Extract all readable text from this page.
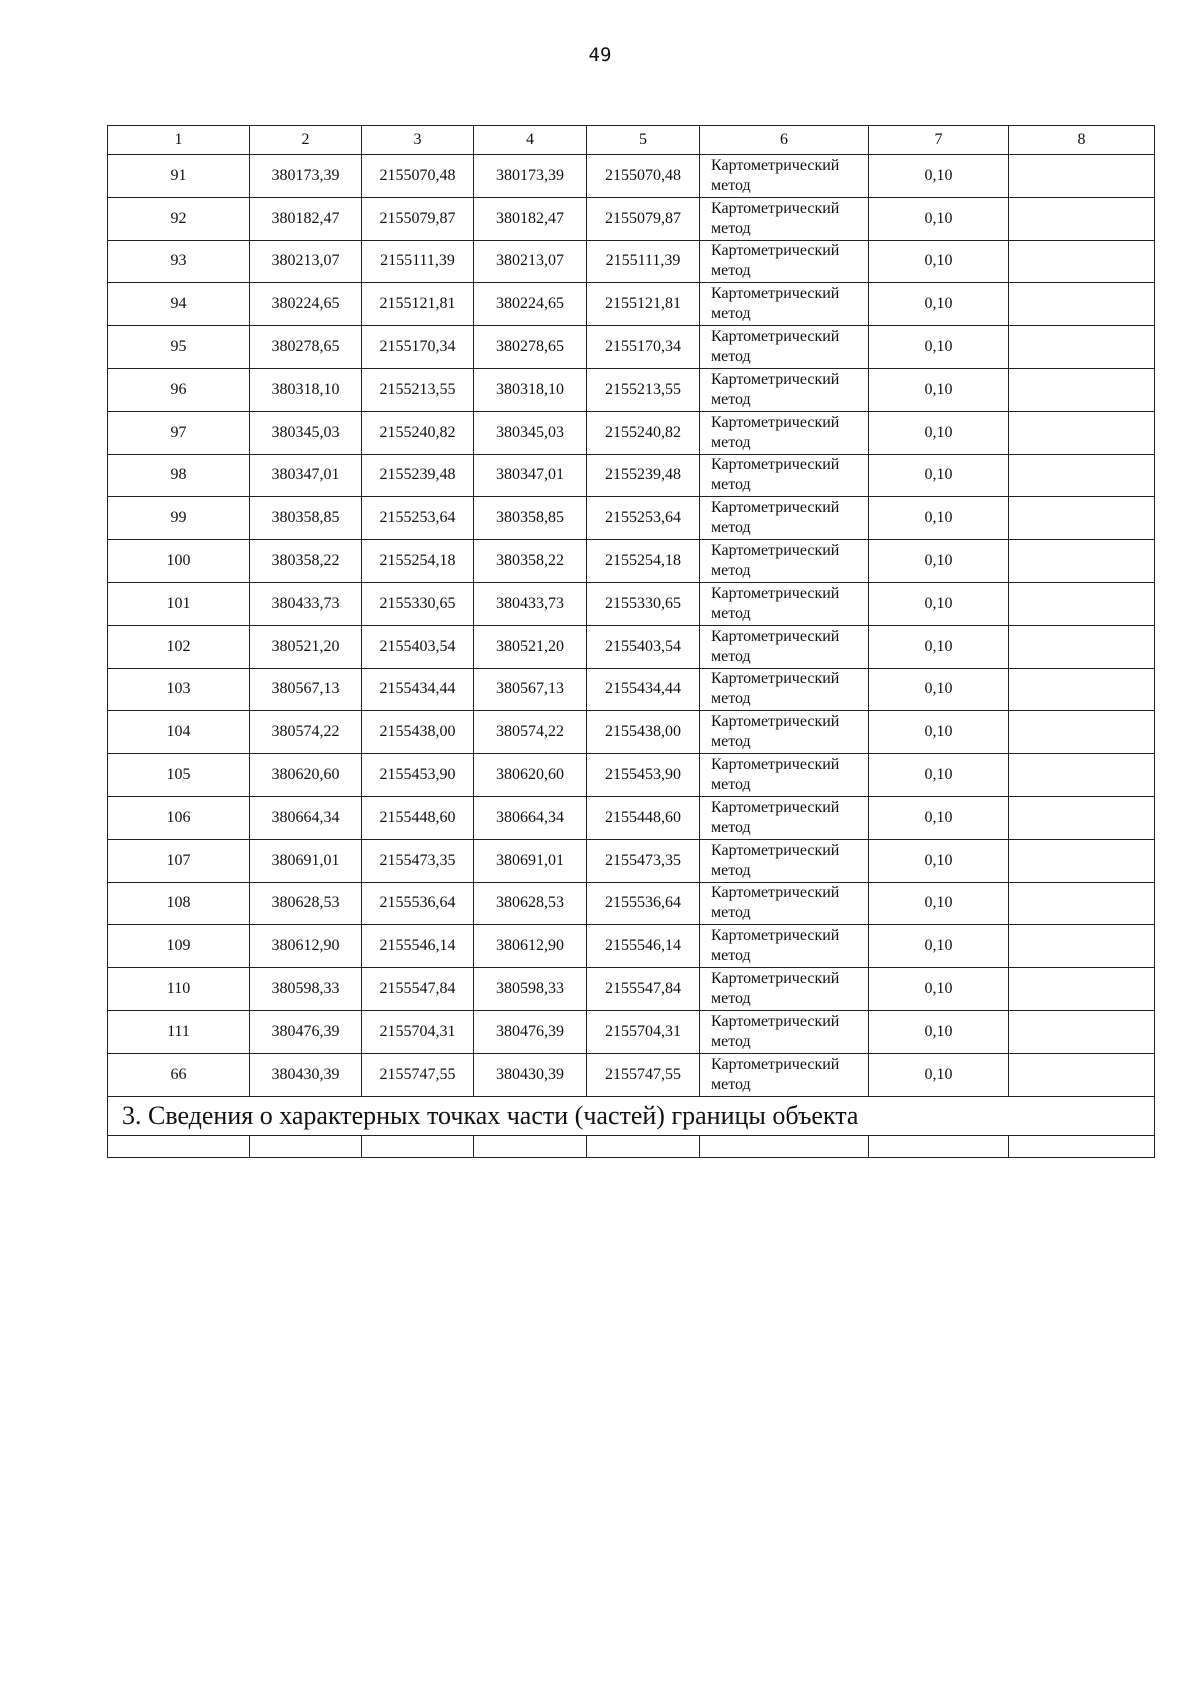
49
1	2	3	4	5	6	7	8
91	380173,39	2155070,48	380173,39	2155070,48	Картометрический метод	0,10	
92	380182,47	2155079,87	380182,47	2155079,87	Картометрический метод	0,10	
93	380213,07	2155111,39	380213,07	2155111,39	Картометрический метод	0,10	
94	380224,65	2155121,81	380224,65	2155121,81	Картометрический метод	0,10	
95	380278,65	2155170,34	380278,65	2155170,34	Картометрический метод	0,10	
96	380318,10	2155213,55	380318,10	2155213,55	Картометрический метод	0,10	
97	380345,03	2155240,82	380345,03	2155240,82	Картометрический метод	0,10	
98	380347,01	2155239,48	380347,01	2155239,48	Картометрический метод	0,10	
99	380358,85	2155253,64	380358,85	2155253,64	Картометрический метод	0,10	
100	380358,22	2155254,18	380358,22	2155254,18	Картометрический метод	0,10	
101	380433,73	2155330,65	380433,73	2155330,65	Картометрический метод	0,10	
102	380521,20	2155403,54	380521,20	2155403,54	Картометрический метод	0,10	
103	380567,13	2155434,44	380567,13	2155434,44	Картометрический метод	0,10	
104	380574,22	2155438,00	380574,22	2155438,00	Картометрический метод	0,10	
105	380620,60	2155453,90	380620,60	2155453,90	Картометрический метод	0,10	
106	380664,34	2155448,60	380664,34	2155448,60	Картометрический метод	0,10	
107	380691,01	2155473,35	380691,01	2155473,35	Картометрический метод	0,10	
108	380628,53	2155536,64	380628,53	2155536,64	Картометрический метод	0,10	
109	380612,90	2155546,14	380612,90	2155546,14	Картометрический метод	0,10	
110	380598,33	2155547,84	380598,33	2155547,84	Картометрический метод	0,10	
111	380476,39	2155704,31	380476,39	2155704,31	Картометрический метод	0,10	
66	380430,39	2155747,55	380430,39	2155747,55	Картометрический метод	0,10	
3. Сведения о характерных точках части (частей) границы объекта							
